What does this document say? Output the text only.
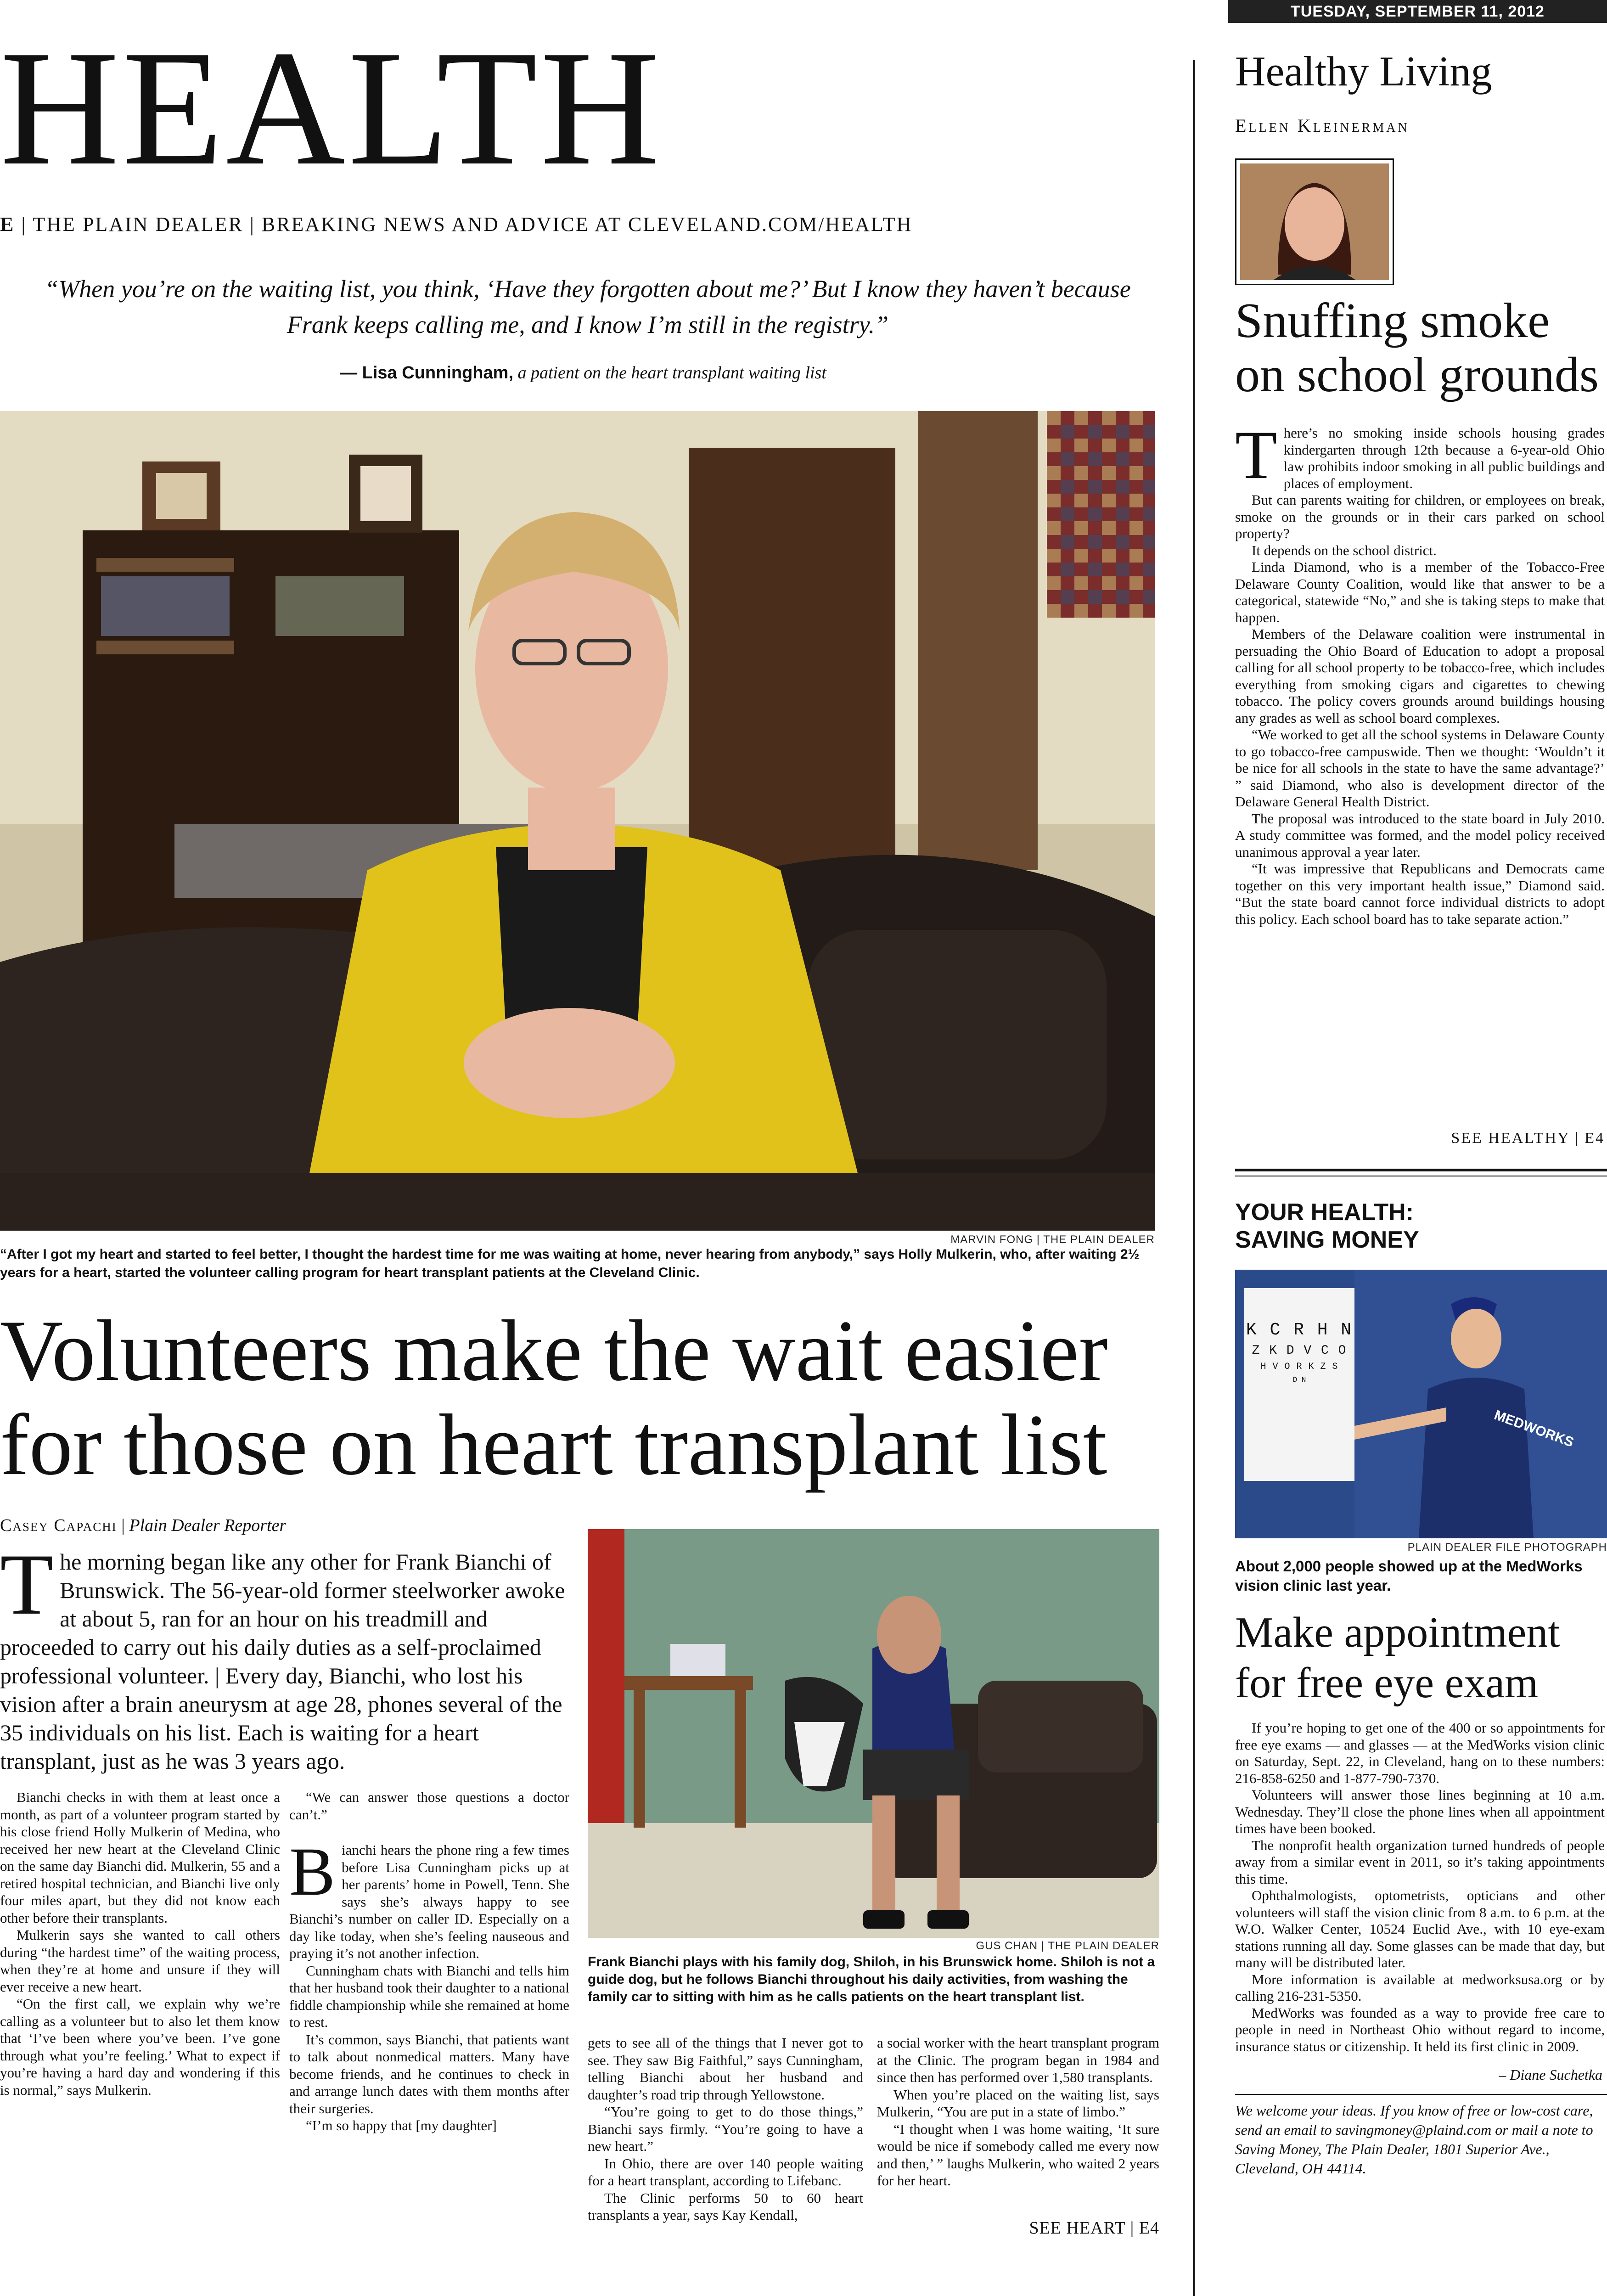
TUESDAY, SEPTEMBER 11, 2012
HEALTH
E | THE PLAIN DEALER | BREAKING NEWS AND ADVICE AT CLEVELAND.COM/HEALTH
“When you’re on the waiting list, you think, ‘Have they forgotten about me?’ But I know they haven’t because Frank keeps calling me, and I know I’m still in the registry.”
— Lisa Cunningham, a patient on the heart transplant waiting list
MARVIN FONG | THE PLAIN DEALER
“After I got my heart and started to feel better, I thought the hardest time for me was waiting at home, never hearing from anybody,” says Holly Mulkerin, who, after waiting 2½ years for a heart, started the volunteer calling program for heart transplant patients at the Cleveland Clinic.
Volunteers make the wait easier
for those on heart transplant list
Casey Capachi | Plain Dealer Reporter
T he morning began like any other for Frank Bianchi of Brunswick. The 56-year-old former steelworker awoke at about 5, ran for an hour on his treadmill and proceeded to carry out his daily duties as a self-proclaimed professional volunteer. | Every day, Bianchi, who lost his vision after a brain aneurysm at age 28, phones several of the 35 individuals on his list. Each is waiting for a heart transplant, just as he was 3 years ago.

Bianchi checks in with them at least once a month, as part of a volunteer program started by his close friend Holly Mulkerin of Medina, who received her new heart at the Cleveland Clinic on the same day Bianchi did. Mulkerin, 55 and a retired hospital technician, and Bianchi live only four miles apart, but they did not know each other before their transplants.

Mulkerin says she wanted to call others during “the hardest time” of the waiting process, when they’re at home and unsure if they will ever receive a new heart.

“On the first call, we explain why we’re calling as a volunteer but to also let them know that ‘I’ve been where you’ve been. I’ve gone through what you’re feeling.’ What to expect if you’re having a hard day and wondering if this is normal,” says Mulkerin.

“We can answer those questions a doctor can’t.”

Bianchi hears the phone ring a few times before Lisa Cunningham picks up at her parents’ home in Powell, Tenn. She says she’s always happy to see Bianchi’s number on caller ID. Especially on a day like today, when she’s feeling nauseous and praying it’s not another infection.

Cunningham chats with Bianchi and tells him that her husband took their daughter to a national fiddle championship while she remained at home to rest.

It’s common, says Bianchi, that patients want to talk about nonmedical matters. Many have become friends, and he continues to check in and arrange lunch dates with them months after their surgeries.

“I’m so happy that [my daughter]

GUS CHAN | THE PLAIN DEALER
Frank Bianchi plays with his family dog, Shiloh, in his Brunswick home. Shiloh is not a guide dog, but he follows Bianchi throughout his daily activities, from washing the family car to sitting with him as he calls patients on the heart transplant list.

gets to see all of the things that I never got to see. They saw Big Faithful,” says Cunningham, telling Bianchi about her husband and daughter’s road trip through Yellowstone.

“You’re going to get to do those things,” Bianchi says firmly. “You’re going to have a new heart.”

In Ohio, there are over 140 people waiting for a heart transplant, according to Lifebanc.

The Clinic performs 50 to 60 heart transplants a year, says Kay Kendall,

a social worker with the heart transplant program at the Clinic. The program began in 1984 and since then has performed over 1,580 transplants.

When you’re placed on the waiting list, says Mulkerin, “You are put in a state of limbo.”

“I thought when I was home waiting, ‘It sure would be nice if somebody called me every now and then,’ ” laughs Mulkerin, who waited 2 years for her heart.

SEE HEART | E4
Healthy Living
Ellen Kleinerman
Snuffing smoke
on school grounds

There’s no smoking inside schools housing grades kindergarten through 12th because a 6-year-old Ohio law prohibits indoor smoking in all public buildings and places of employment.

But can parents waiting for children, or employees on break, smoke on the grounds or in their cars parked on school property?

It depends on the school district.

Linda Diamond, who is a member of the Tobacco-Free Delaware County Coalition, would like that answer to be a categorical, statewide “No,” and she is taking steps to make that happen.

Members of the Delaware coalition were instrumental in persuading the Ohio Board of Education to adopt a proposal calling for all school property to be tobacco-free, which includes everything from smoking cigars and cigarettes to chewing tobacco. The policy covers grounds around buildings housing any grades as well as school board complexes.

“We worked to get all the school systems in Delaware County to go tobacco-free campuswide. Then we thought: ‘Wouldn’t it be nice for all schools in the state to have the same advantage?’ ” said Diamond, who also is development director of the Delaware General Health District.

The proposal was introduced to the state board in July 2010. A study committee was formed, and the model policy received unanimous approval a year later.

“It was impressive that Republicans and Democrats came together on this very important health issue,” Diamond said. “But the state board cannot force individual districts to adopt this policy. Each school board has to take separate action.”

SEE HEALTHY | E4
YOUR HEALTH:
SAVING MONEY
K C R H N
Z K D V C O
H V O R K Z S
D N
MEDWORKS
PLAIN DEALER FILE PHOTOGRAPH
About 2,000 people showed up at the MedWorks vision clinic last year.
Make appointment
for free eye exam

If you’re hoping to get one of the 400 or so appointments for free eye exams — and glasses — at the MedWorks vision clinic on Saturday, Sept. 22, in Cleveland, hang on to these numbers: 216-858-6250 and 1-877-790-7370.

Volunteers will answer those lines beginning at 10 a.m. Wednesday. They’ll close the phone lines when all appointment times have been booked.

The nonprofit health organization turned hundreds of people away from a similar event in 2011, so it’s taking appointments this time.

Ophthalmologists, optometrists, opticians and other volunteers will staff the vision clinic from 8 a.m. to 6 p.m. at the W.O. Walker Center, 10524 Euclid Ave., with 10 eye-exam stations running all day. Some glasses can be made that day, but many will be distributed later.

More information is available at medworksusa.org or by calling 216-231-5350.

MedWorks was founded as a way to provide free care to people in need in Northeast Ohio without regard to income, insurance status or citizenship. It held its first clinic in 2009.

– Diane Suchetka
We welcome your ideas. If you know of free or low-cost care, send an email to savingmoney@plaind.com or mail a note to Saving Money, The Plain Dealer, 1801 Superior Ave., Cleveland, OH 44114.
